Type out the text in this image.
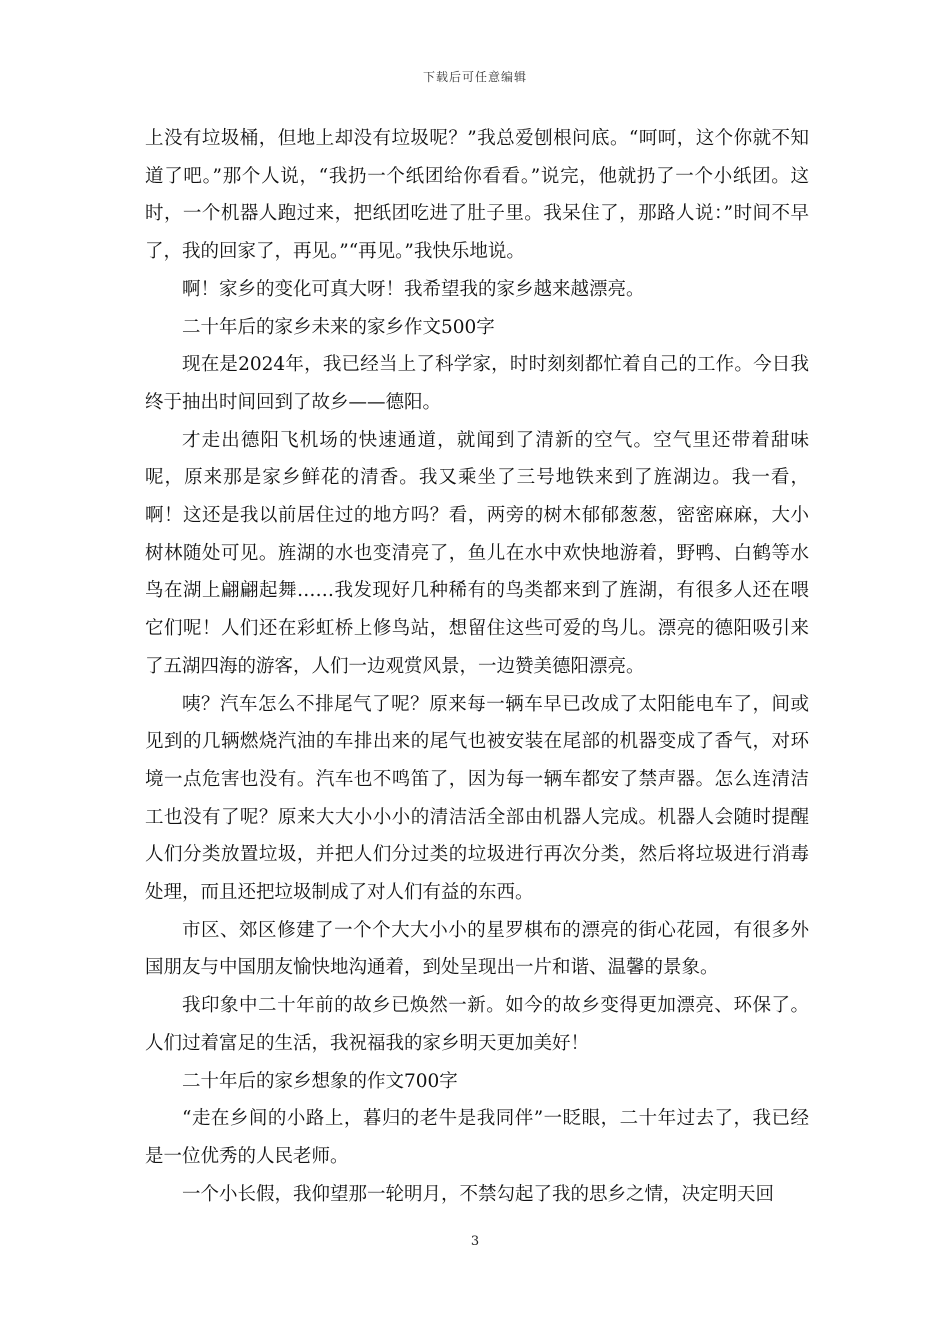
下载后可任意编辑

上没有垃圾桶，但地上却没有垃圾呢？”我总爱刨根问底。“呵呵，这个你就不知道了吧。”那个人说，“我扔一个纸团给你看看。”说完，他就扔了一个小纸团。这时，一个机器人跑过来，把纸团吃进了肚子里。我呆住了，那路人说：”时间不早了，我的回家了，再见。”“再见。”我快乐地说。

啊！家乡的变化可真大呀！我希望我的家乡越来越漂亮。

二十年后的家乡未来的家乡作文500字

现在是2024年，我已经当上了科学家，时时刻刻都忙着自己的工作。今日我终于抽出时间回到了故乡——德阳。

才走出德阳飞机场的快速通道，就闻到了清新的空气。空气里还带着甜味呢，原来那是家乡鲜花的清香。我又乘坐了三号地铁来到了旌湖边。我一看，啊！这还是我以前居住过的地方吗？看，两旁的树木郁郁葱葱，密密麻麻，大小树林随处可见。旌湖的水也变清亮了，鱼儿在水中欢快地游着，野鸭、白鹤等水鸟在湖上翩翩起舞……我发现好几种稀有的鸟类都来到了旌湖，有很多人还在喂它们呢！人们还在彩虹桥上修鸟站，想留住这些可爱的鸟儿。漂亮的德阳吸引来了五湖四海的游客，人们一边观赏风景，一边赞美德阳漂亮。

咦？汽车怎么不排尾气了呢？原来每一辆车早已改成了太阳能电车了，间或见到的几辆燃烧汽油的车排出来的尾气也被安装在尾部的机器变成了香气，对环境一点危害也没有。汽车也不鸣笛了，因为每一辆车都安了禁声器。怎么连清洁工也没有了呢？原来大大小小小的清洁活全部由机器人完成。机器人会随时提醒人们分类放置垃圾，并把人们分过类的垃圾进行再次分类，然后将垃圾进行消毒处理，而且还把垃圾制成了对人们有益的东西。

市区、郊区修建了一个个大大小小的星罗棋布的漂亮的街心花园，有很多外国朋友与中国朋友愉快地沟通着，到处呈现出一片和谐、温馨的景象。

我印象中二十年前的故乡已焕然一新。如今的故乡变得更加漂亮、环保了。人们过着富足的生活，我祝福我的家乡明天更加美好！

二十年后的家乡想象的作文700字

“走在乡间的小路上，暮归的老牛是我同伴”一眨眼，二十年过去了，我已经是一位优秀的人民老师。

一个小长假，我仰望那一轮明月，不禁勾起了我的思乡之情，决定明天回

3
